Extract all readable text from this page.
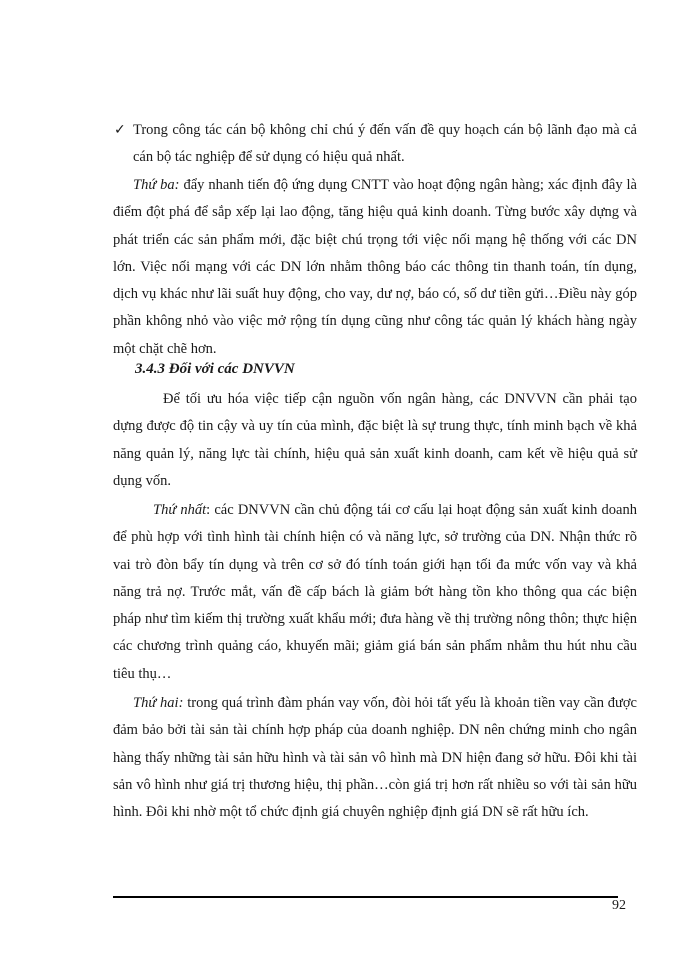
✓ Trong công tác cán bộ không chỉ chú ý đến vấn đề quy hoạch cán bộ lãnh đạo mà cả cán bộ tác nghiệp để sử dụng có hiệu quả nhất.
Thứ ba: đẩy nhanh tiến độ ứng dụng CNTT vào hoạt động ngân hàng; xác định đây là điểm đột phá để sắp xếp lại lao động, tăng hiệu quả kinh doanh. Từng bước xây dựng và phát triển các sản phẩm mới, đặc biệt chú trọng tới việc nối mạng hệ thống với các DN lớn. Việc nối mạng với các DN lớn nhằm thông báo các thông tin thanh toán, tín dụng, dịch vụ khác như lãi suất huy động, cho vay, dư nợ, báo có, số dư tiền gửi…Điều này góp phần không nhỏ vào việc mở rộng tín dụng cũng như công tác quản lý khách hàng ngày một chặt chẽ hơn.
3.4.3 Đối với các DNVVN
Để tối ưu hóa việc tiếp cận nguồn vốn ngân hàng, các DNVVN cần phải tạo dựng được độ tin cậy và uy tín của mình, đặc biệt là sự trung thực, tính minh bạch về khả năng quản lý, năng lực tài chính, hiệu quả sản xuất kinh doanh, cam kết về hiệu quả sử dụng vốn.
Thứ nhất: các DNVVN cần chủ động tái cơ cấu lại hoạt động sản xuất kinh doanh để phù hợp với tình hình tài chính hiện có và năng lực, sở trường của DN. Nhận thức rõ vai trò đòn bẩy tín dụng và trên cơ sở đó tính toán giới hạn tối đa mức vốn vay và khả năng trả nợ. Trước mắt, vấn đề cấp bách là giảm bớt hàng tồn kho thông qua các biện pháp như tìm kiếm thị trường xuất khẩu mới; đưa hàng về thị trường nông thôn; thực hiện các chương trình quảng cáo, khuyến mãi; giảm giá bán sản phẩm nhằm thu hút nhu cầu tiêu thụ…
Thứ hai: trong quá trình đàm phán vay vốn, đòi hỏi tất yếu là khoản tiền vay cần được đảm bảo bởi tài sản tài chính hợp pháp của doanh nghiệp. DN nên chứng minh cho ngân hàng thấy những tài sản hữu hình và tài sản vô hình mà DN hiện đang sở hữu. Đôi khi tài sản vô hình như giá trị thương hiệu, thị phần…còn giá trị hơn rất nhiều so với tài sản hữu hình. Đôi khi nhờ một tổ chức định giá chuyên nghiệp định giá DN sẽ rất hữu ích.
92
